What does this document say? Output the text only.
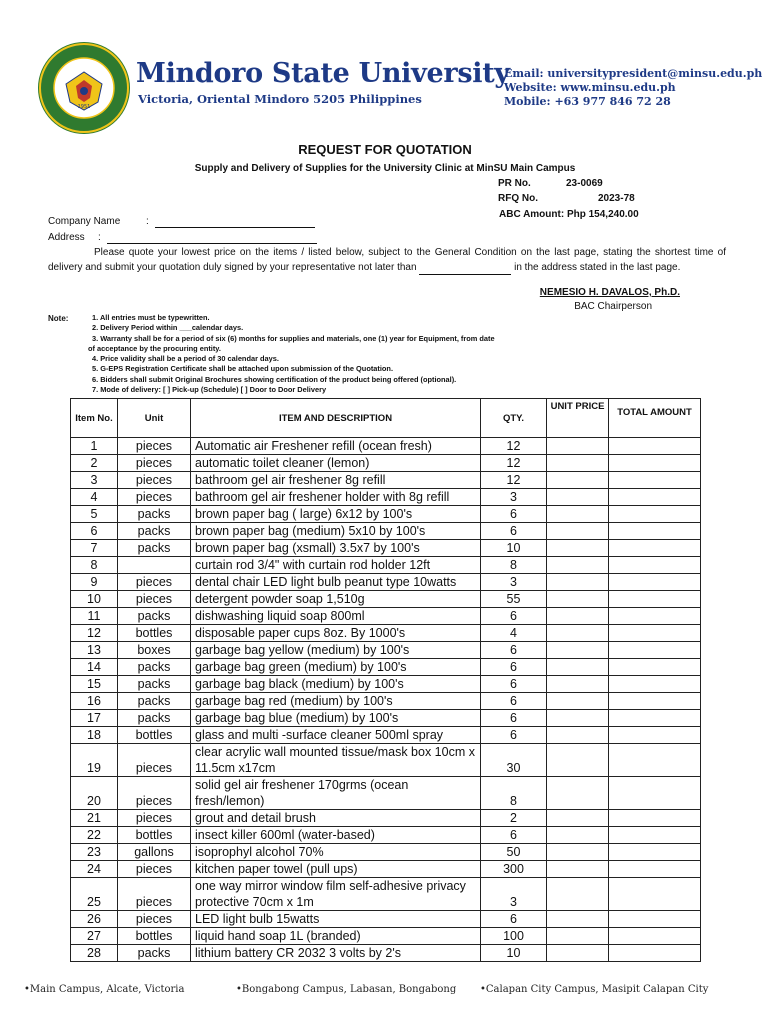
1951
Mindoro State University
Victoria, Oriental Mindoro 5205 Philippines
Email: universitypresident@minsu.edu.ph
Website: www.minsu.edu.ph
Mobile: +63 977 846 72 28
REQUEST FOR QUOTATION
Supply and Delivery of Supplies for the University Clinic at MinSU Main Campus
PR No.	23-0069
RFQ No.	2023-78
ABC Amount: Php 154,240.00
Company Name	:
Address :
Please quote your lowest price on the items / listed below, subject to the General Condition on the last page, stating the shortest time of delivery and submit your quotation duly signed by your representative not later than	in the address stated in the last page.
NEMESIO H. DAVALOS, Ph.D.
BAC Chairperson
Note:	1. All entries must be typewritten.
2. Delivery Period within ___calendar days.
3. Warranty shall be for a period of six (6) months for supplies and materials, one (1) year for Equipment, from date
of acceptance by the procuring entity.
4. Price validity shall be a period of 30 calendar days.
5. G-EPS Registration Certificate shall be attached upon submission of the Quotation.
6. Bidders shall submit Original Brochures showing certification of the product being offered (optional).
7. Mode of delivery: [ ] Pick-up (Schedule) [ ] Door to Door Delivery
Item No.	Unit	ITEM AND DESCRIPTION	QTY.	UNIT PRICE	TOTAL AMOUNT
1	pieces	Automatic air Freshener refill (ocean fresh)	12		
2	pieces	automatic toilet cleaner (lemon)	12		
3	pieces	bathroom gel air freshener 8g refill	12		
4	pieces	bathroom gel air freshener holder with 8g refill	3		
5	packs	brown paper bag ( large) 6x12 by 100's	6		
6	packs	brown paper bag (medium) 5x10 by 100's	6		
7	packs	brown paper bag (xsmall) 3.5x7 by 100's	10		
8		curtain rod 3/4" with curtain rod holder 12ft	8		
9	pieces	dental chair LED light bulb peanut type 10watts	3		
10	pieces	detergent powder soap 1,510g	55		
11	packs	dishwashing liquid soap 800ml	6		
12	bottles	disposable paper cups 8oz. By 1000's	4		
13	boxes	garbage bag yellow (medium) by 100's	6		
14	packs	garbage bag green (medium) by 100's	6		
15	packs	garbage bag black (medium) by 100's	6		
16	packs	garbage bag red (medium) by 100's	6		
17	packs	garbage bag blue (medium) by 100's	6		
18	bottles	glass and multi -surface cleaner 500ml spray	6		
19	pieces	clear acrylic wall mounted tissue/mask box 10cm x 11.5cm x17cm	30		
20	pieces	solid gel air freshener 170grms (ocean fresh/lemon)	8		
21	pieces	grout and detail brush	2		
22	bottles	insect killer 600ml (water-based)	6		
23	gallons	isoprophyl alcohol 70%	50		
24	pieces	kitchen paper towel (pull ups)	300		
25	pieces	one way mirror window film self-adhesive privacy protective 70cm x 1m	3		
26	pieces	LED light bulb 15watts	6		
27	bottles	liquid hand soap 1L (branded)	100		
28	packs	lithium battery CR 2032 3 volts by 2's	10		
•Main Campus, Alcate, Victoria	•Bongabong Campus, Labasan, Bongabong •Calapan City Campus, Masipit Calapan City
